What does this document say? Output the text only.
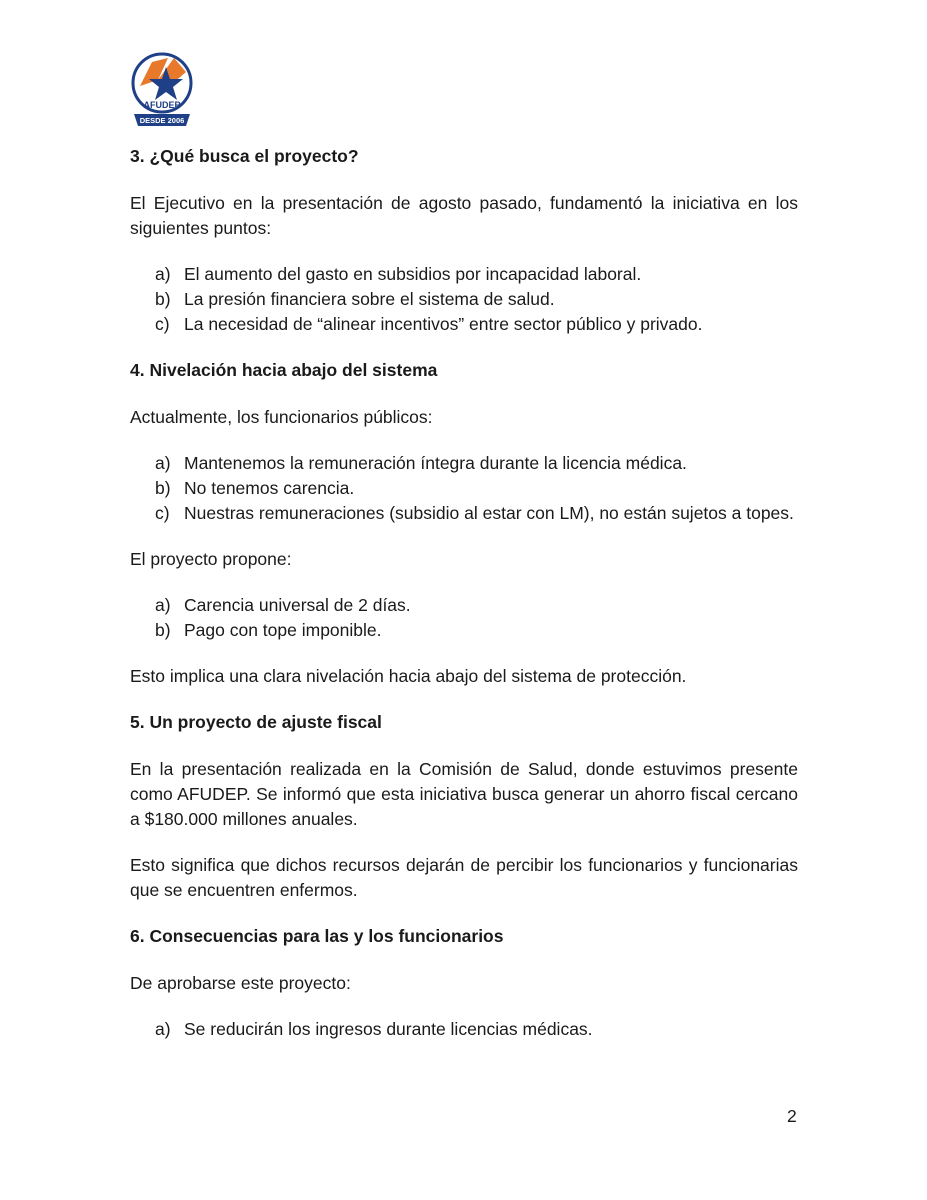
AFUDEP
DESDE 2006
3. ¿Qué busca el proyecto?

El Ejecutivo en la presentación de agosto pasado, fundamentó la iniciativa en los siguientes puntos:

a) El aumento del gasto en subsidios por incapacidad laboral.
b) La presión financiera sobre el sistema de salud.
c) La necesidad de “alinear incentivos” entre sector público y privado.
4. Nivelación hacia abajo del sistema

Actualmente, los funcionarios públicos:

a) Mantenemos la remuneración íntegra durante la licencia médica.
b) No tenemos carencia.
c) Nuestras remuneraciones (subsidio al estar con LM), no están sujetos a topes.

El proyecto propone:

a) Carencia universal de 2 días.
b) Pago con tope imponible.

Esto implica una clara nivelación hacia abajo del sistema de protección.

5. Un proyecto de ajuste fiscal

En la presentación realizada en la Comisión de Salud, donde estuvimos presente como AFUDEP. Se informó que esta iniciativa busca generar un ahorro fiscal cercano a $180.000 millones anuales.

Esto significa que dichos recursos dejarán de percibir los funcionarios y funcionarias que se encuentren enfermos.

6. Consecuencias para las y los funcionarios

De aprobarse este proyecto:

a) Se reducirán los ingresos durante licencias médicas.
2
